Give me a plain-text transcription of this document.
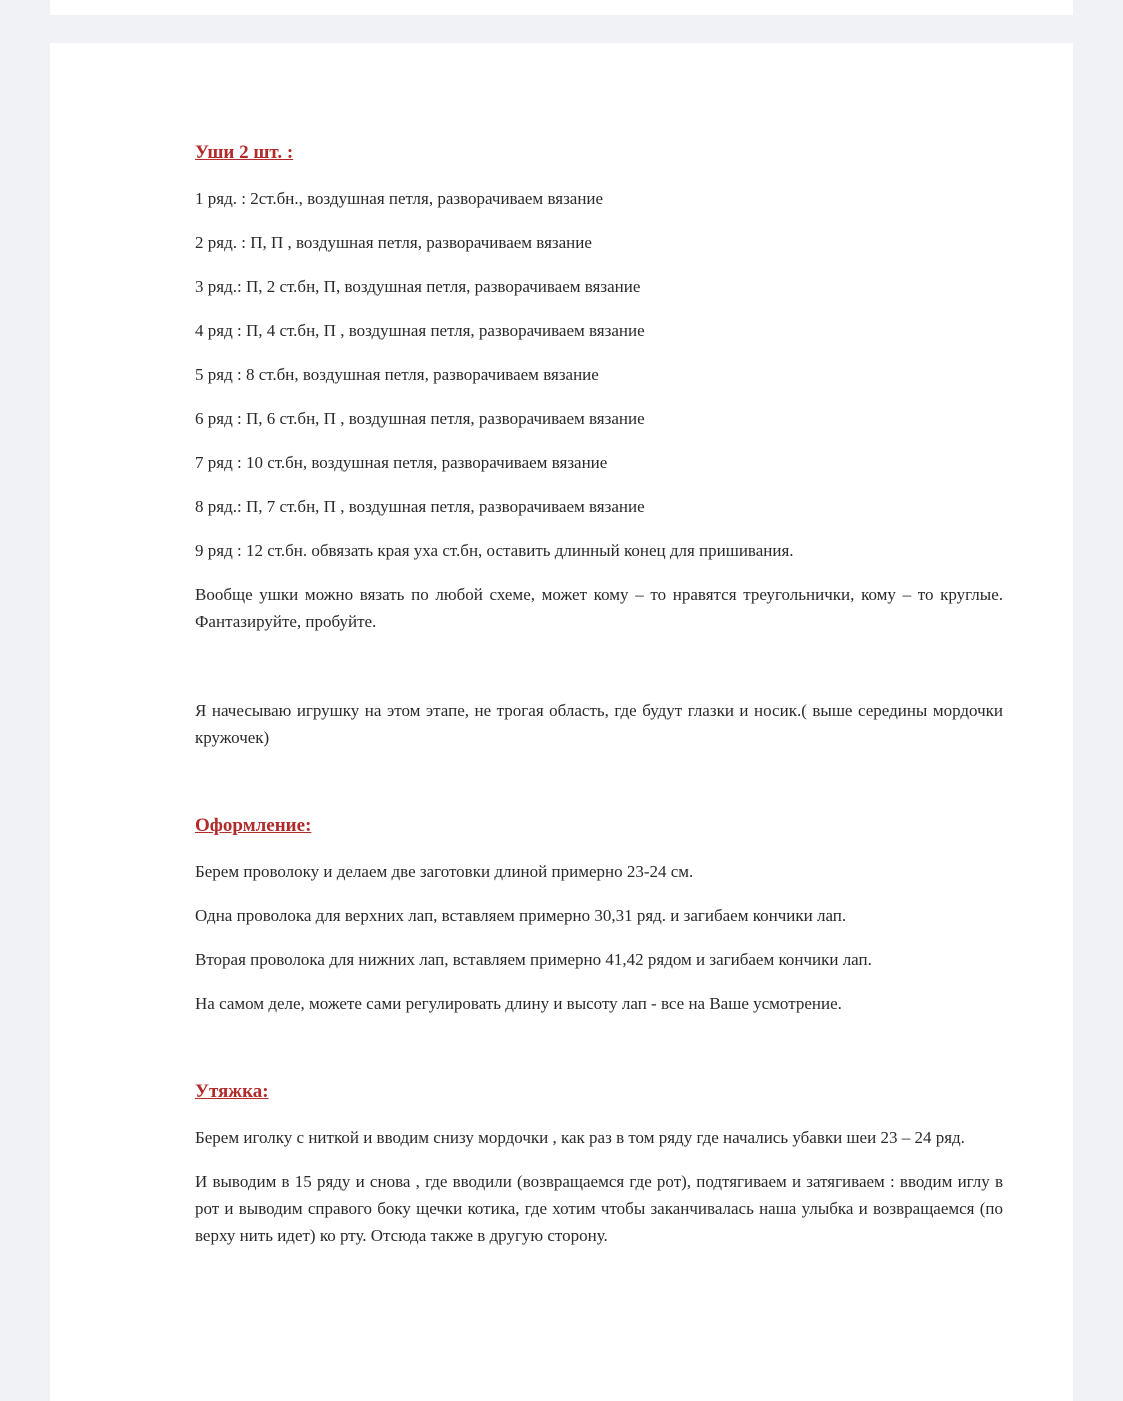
Уши 2 шт. :

1 ряд. : 2ст.бн., воздушная петля, разворачиваем вязание

2 ряд. : П, П , воздушная петля, разворачиваем вязание

3 ряд.: П, 2 ст.бн, П, воздушная петля, разворачиваем вязание

4 ряд : П, 4 ст.бн, П , воздушная петля, разворачиваем вязание

5 ряд : 8 ст.бн, воздушная петля, разворачиваем вязание

6 ряд : П, 6 ст.бн, П , воздушная петля, разворачиваем вязание

7 ряд : 10 ст.бн, воздушная петля, разворачиваем вязание

8 ряд.: П, 7 ст.бн, П , воздушная петля, разворачиваем вязание

9 ряд : 12 ст.бн. обвязать края уха ст.бн, оставить длинный конец для пришивания.

Вообще ушки можно вязать по любой схеме, может кому – то нравятся треугольнички, кому – то круглые. Фантазируйте, пробуйте.

Я начесываю игрушку на этом этапе, не трогая область, где будут глазки и носик.( выше середины мордочки кружочек)

Оформление:

Берем проволоку и делаем две заготовки длиной примерно 23-24 см.

Одна проволока для верхних лап, вставляем примерно 30,31 ряд. и загибаем кончики лап.

Вторая проволока для нижних лап, вставляем примерно 41,42 рядом и загибаем кончики лап.

На самом деле, можете сами регулировать длину и высоту лап - все на Ваше усмотрение.

Утяжка:

Берем иголку с ниткой и вводим снизу мордочки , как раз в том ряду где начались убавки шеи 23 – 24 ряд.

И выводим в 15 ряду и снова , где вводили (возвращаемся где рот), подтягиваем и затягиваем : вводим иглу в рот и выводим справого боку щечки котика, где хотим чтобы заканчивалась наша улыбка и возвращаемся (по верху нить идет) ко рту. Отсюда также в другую сторону.
